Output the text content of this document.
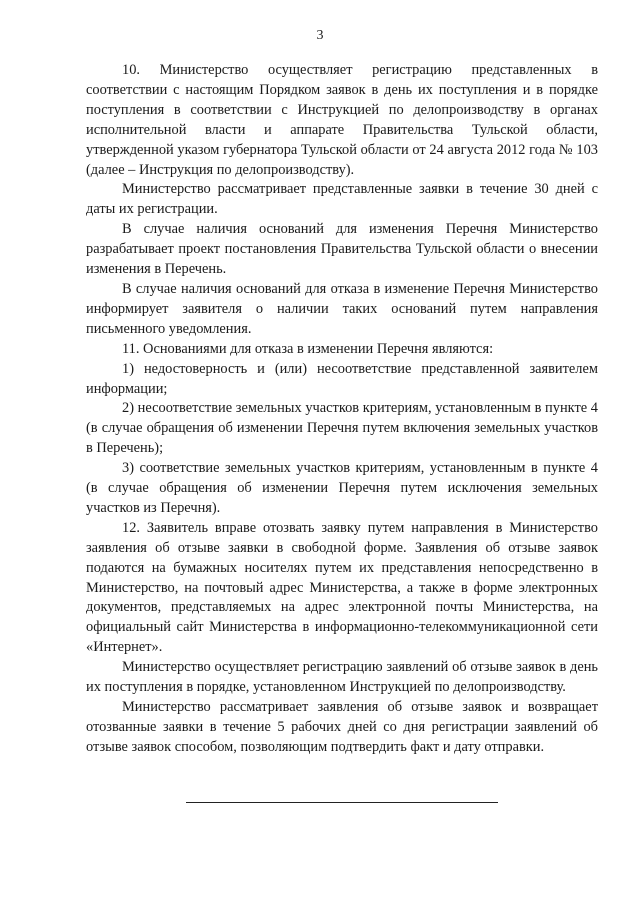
3

10. Министерство осуществляет регистрацию представленных в соответствии с настоящим Порядком заявок в день их поступления и в порядке поступления в соответствии с Инструкцией по делопроизводству в органах исполнительной власти и аппарате Правительства Тульской области, утвержденной указом губернатора Тульской области от 24 августа 2012 года № 103 (далее – Инструкция по делопроизводству).

Министерство рассматривает представленные заявки в течение 30 дней с даты их регистрации.

В случае наличия оснований для изменения Перечня Министерство разрабатывает проект постановления Правительства Тульской области о внесении изменения в Перечень.

В случае наличия оснований для отказа в изменение Перечня Министерство информирует заявителя о наличии таких оснований путем направления письменного уведомления.

11. Основаниями для отказа в изменении Перечня являются:

1) недостоверность и (или) несоответствие представленной заявителем информации;

2) несоответствие земельных участков критериям, установленным в пункте 4 (в случае обращения об изменении Перечня путем включения земельных участков в Перечень);

3) соответствие земельных участков критериям, установленным в пункте 4 (в случае обращения об изменении Перечня путем исключения земельных участков из Перечня).

12. Заявитель вправе отозвать заявку путем направления в Министерство заявления об отзыве заявки в свободной форме. Заявления об отзыве заявок подаются на бумажных носителях путем их представления непосредственно в Министерство, на почтовый адрес Министерства, а также в форме электронных документов, представляемых на адрес электронной почты Министерства, на официальный сайт Министерства в информационно-телекоммуникационной сети «Интернет».

Министерство осуществляет регистрацию заявлений об отзыве заявок в день их поступления в порядке, установленном Инструкцией по делопроизводству.

Министерство рассматривает заявления об отзыве заявок и возвращает отозванные заявки в течение 5 рабочих дней со дня регистрации заявлений об отзыве заявок способом, позволяющим подтвердить факт и дату отправки.
